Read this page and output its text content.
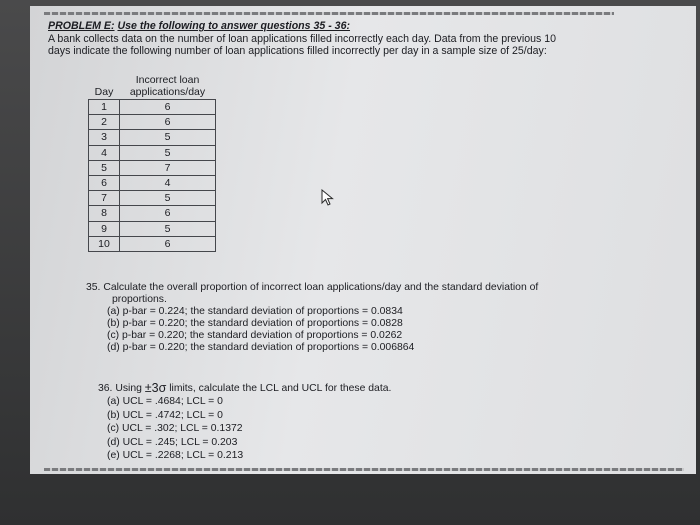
PROBLEM E: Use the following to answer questions 35 - 36:

A bank collects data on the number of loan applications filled incorrectly each day. Data from the previous 10

days indicate the following number of loan applications filled incorrectly per day in a sample size of 25/day:

Day	Incorrect loan
applications/day

1	6
2	6
3	5
4	5
5	7
6	4
7	5
8	6
9	5
10	6

35. Calculate the overall proportion of incorrect loan applications/day and the standard deviation of

proportions.

(a) p-bar = 0.224; the standard deviation of proportions = 0.0834

(b) p-bar = 0.220; the standard deviation of proportions = 0.0828

(c) p-bar = 0.220; the standard deviation of proportions = 0.0262

(d) p-bar = 0.220; the standard deviation of proportions = 0.006864

36. Using ±3σ limits, calculate the LCL and UCL for these data.

(a) UCL = .4684; LCL = 0

(b) UCL = .4742; LCL = 0

(c) UCL = .302; LCL = 0.1372

(d) UCL = .245; LCL = 0.203

(e) UCL = .2268; LCL = 0.213
